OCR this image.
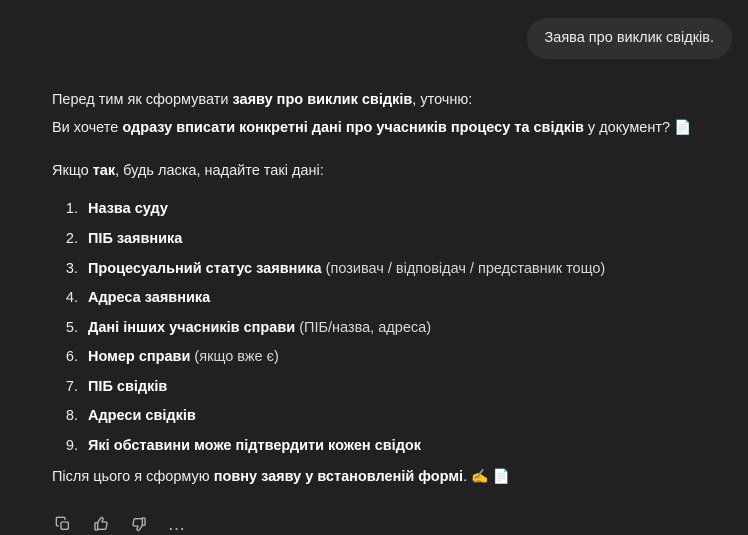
Заява про виклик свідків.

Перед тим як сформувати заяву про виклик свідків, уточню:

Ви хочете одразу вписати конкретні дані про учасників процесу та свідків у документ? 📄

Якщо так, будь ласка, надайте такі дані:

1. Назва суду
2. ПІБ заявника
3. Процесуальний статус заявника (позивач / відповідач / представник тощо)
4. Адреса заявника
5. Дані інших учасників справи (ПІБ/назва, адреса)
6. Номер справи (якщо вже є)
7. ПІБ свідків
8. Адреси свідків
9. Які обставини може підтвердити кожен свідок

Після цього я сформую повну заяву у встановленій формі. ✍️ 📄

…
